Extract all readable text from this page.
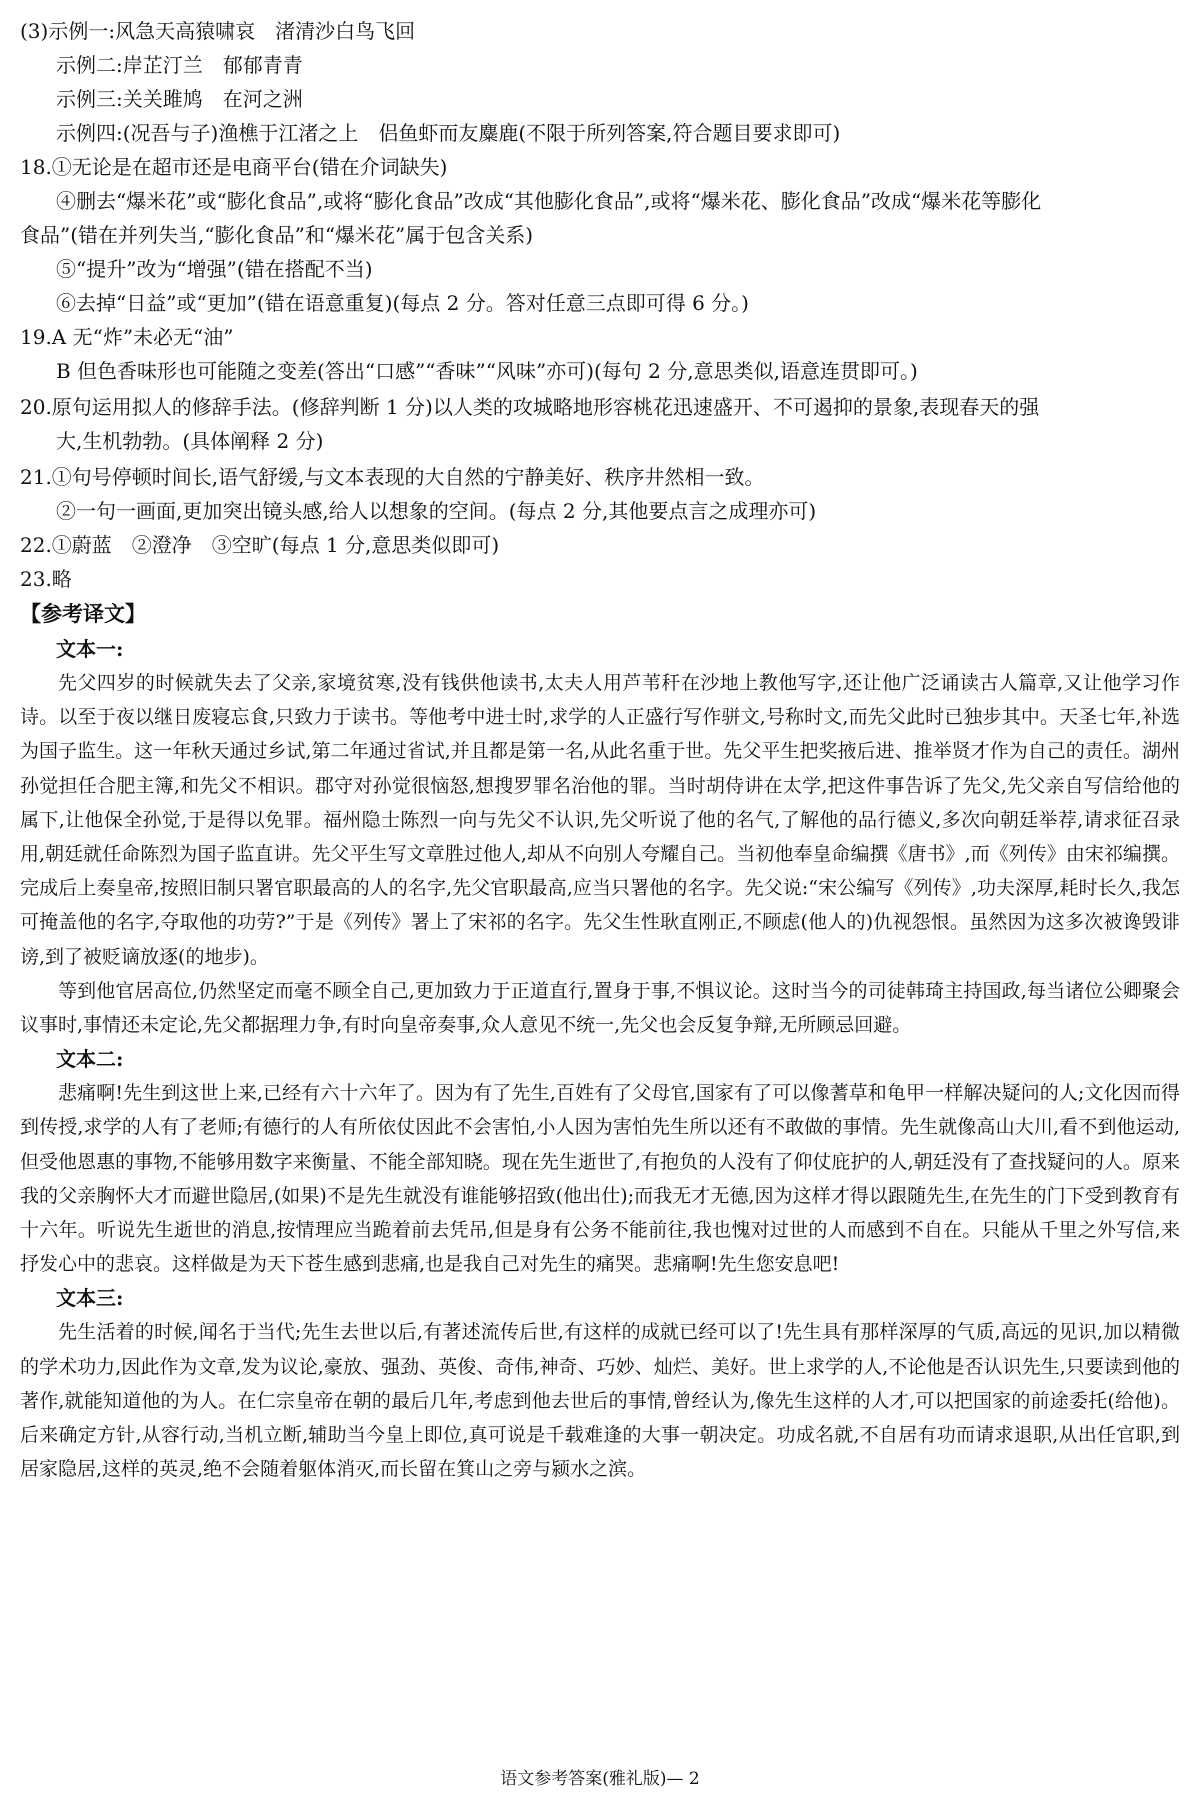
(3)示例一:风急天高猿啸哀　渚清沙白鸟飞回
示例二:岸芷汀兰　郁郁青青
示例三:关关雎鸠　在河之洲
示例四:(况吾与子)渔樵于江渚之上　侣鱼虾而友麋鹿(不限于所列答案,符合题目要求即可)
18.①无论是在超市还是电商平台(错在介词缺失)
④删去“爆米花”或“膨化食品”,或将“膨化食品”改成“其他膨化食品”,或将“爆米花、膨化食品”改成“爆米花等膨化
食品”(错在并列失当,“膨化食品”和“爆米花”属于包含关系)
⑤“提升”改为“增强”(错在搭配不当)
⑥去掉“日益”或“更加”(错在语意重复)(每点 2 分。答对任意三点即可得 6 分。)
19.A 无“炸”未必无“油”
B 但色香味形也可能随之变差(答出“口感”“香味”“风味”亦可)(每句 2 分,意思类似,语意连贯即可。)
20.原句运用拟人的修辞手法。(修辞判断 1 分)以人类的攻城略地形容桃花迅速盛开、不可遏抑的景象,表现春天的强
大,生机勃勃。(具体阐释 2 分)
21.①句号停顿时间长,语气舒缓,与文本表现的大自然的宁静美好、秩序井然相一致。
②一句一画面,更加突出镜头感,给人以想象的空间。(每点 2 分,其他要点言之成理亦可)
22.①蔚蓝　②澄净　③空旷(每点 1 分,意思类似即可)
23.略
【参考译文】
文本一:

先父四岁的时候就失去了父亲,家境贫寒,没有钱供他读书,太夫人用芦苇秆在沙地上教他写字,还让他广泛诵读古人篇章,又让他学习作诗。以至于夜以继日废寝忘食,只致力于读书。等他考中进士时,求学的人正盛行写作骈文,号称时文,而先父此时已独步其中。天圣七年,补选为国子监生。这一年秋天通过乡试,第二年通过省试,并且都是第一名,从此名重于世。先父平生把奖掖后进、推举贤才作为自己的责任。湖州孙觉担任合肥主簿,和先父不相识。郡守对孙觉很恼怒,想搜罗罪名治他的罪。当时胡侍讲在太学,把这件事告诉了先父,先父亲自写信给他的属下,让他保全孙觉,于是得以免罪。福州隐士陈烈一向与先父不认识,先父听说了他的名气,了解他的品行德义,多次向朝廷举荐,请求征召录用,朝廷就任命陈烈为国子监直讲。先父平生写文章胜过他人,却从不向别人夸耀自己。当初他奉皇命编撰《唐书》,而《列传》由宋祁编撰。完成后上奏皇帝,按照旧制只署官职最高的人的名字,先父官职最高,应当只署他的名字。先父说:“宋公编写《列传》,功夫深厚,耗时长久,我怎可掩盖他的名字,夺取他的功劳?”于是《列传》署上了宋祁的名字。先父生性耿直刚正,不顾虑(他人的)仇视怨恨。虽然因为这多次被谗毁诽谤,到了被贬谪放逐(的地步)。

等到他官居高位,仍然坚定而毫不顾全自己,更加致力于正道直行,置身于事,不惧议论。这时当今的司徒韩琦主持国政,每当诸位公卿聚会议事时,事情还未定论,先父都据理力争,有时向皇帝奏事,众人意见不统一,先父也会反复争辩,无所顾忌回避。

文本二:

悲痛啊!先生到这世上来,已经有六十六年了。因为有了先生,百姓有了父母官,国家有了可以像蓍草和龟甲一样解决疑问的人;文化因而得到传授,求学的人有了老师;有德行的人有所依仗因此不会害怕,小人因为害怕先生所以还有不敢做的事情。先生就像高山大川,看不到他运动,但受他恩惠的事物,不能够用数字来衡量、不能全部知晓。现在先生逝世了,有抱负的人没有了仰仗庇护的人,朝廷没有了查找疑问的人。原来我的父亲胸怀大才而避世隐居,(如果)不是先生就没有谁能够招致(他出仕);而我无才无德,因为这样才得以跟随先生,在先生的门下受到教育有十六年。听说先生逝世的消息,按情理应当跪着前去凭吊,但是身有公务不能前往,我也愧对过世的人而感到不自在。只能从千里之外写信,来抒发心中的悲哀。这样做是为天下苍生感到悲痛,也是我自己对先生的痛哭。悲痛啊!先生您安息吧!

文本三:

先生活着的时候,闻名于当代;先生去世以后,有著述流传后世,有这样的成就已经可以了!先生具有那样深厚的气质,高远的见识,加以精微的学术功力,因此作为文章,发为议论,豪放、强劲、英俊、奇伟,神奇、巧妙、灿烂、美好。世上求学的人,不论他是否认识先生,只要读到他的著作,就能知道他的为人。在仁宗皇帝在朝的最后几年,考虑到他去世后的事情,曾经认为,像先生这样的人才,可以把国家的前途委托(给他)。后来确定方针,从容行动,当机立断,辅助当今皇上即位,真可说是千载难逢的大事一朝决定。功成名就,不自居有功而请求退职,从出任官职,到居家隐居,这样的英灵,绝不会随着躯体消灭,而长留在箕山之旁与颍水之滨。

语文参考答案(雅礼版)— 2
